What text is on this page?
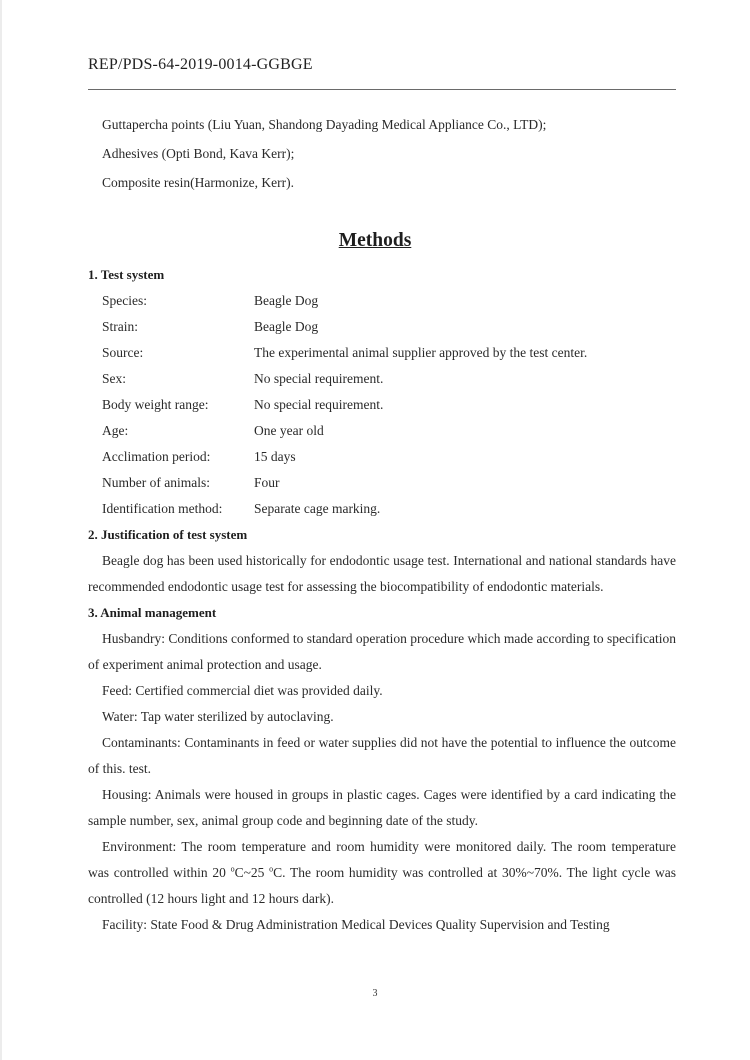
REP/PDS-64-2019-0014-GGBGE
Guttapercha points (Liu Yuan, Shandong Dayading Medical Appliance Co., LTD);
Adhesives (Opti Bond, Kava Kerr);
Composite resin(Harmonize, Kerr).
Methods
1. Test system
Species:	Beagle Dog
Strain:	Beagle Dog
Source:	The experimental animal supplier approved by the test center.
Sex:	No special requirement.
Body weight range:	No special requirement.
Age:	One year old
Acclimation period:	15 days
Number of animals:	Four
Identification method:	Separate cage marking.
2. Justification of test system

Beagle dog has been used historically for endodontic usage test. International and national standards have recommended endodontic usage test for assessing the biocompatibility of endodontic materials.

3. Animal management

Husbandry: Conditions conformed to standard operation procedure which made according to specification of experiment animal protection and usage.

Feed: Certified commercial diet was provided daily.

Water: Tap water sterilized by autoclaving.

Contaminants: Contaminants in feed or water supplies did not have the potential to influence the outcome of this. test.

Housing: Animals were housed in groups in plastic cages. Cages were identified by a card indicating the sample number, sex, animal group code and beginning date of the study.

Environment: The room temperature and room humidity were monitored daily. The room temperature was controlled within 20 $^o$C~25 $^o$C. The room humidity was controlled at 30%~70%. The light cycle was controlled (12 hours light and 12 hours dark).

Facility: State Food & Drug Administration Medical Devices Quality Supervision and Testing

3
